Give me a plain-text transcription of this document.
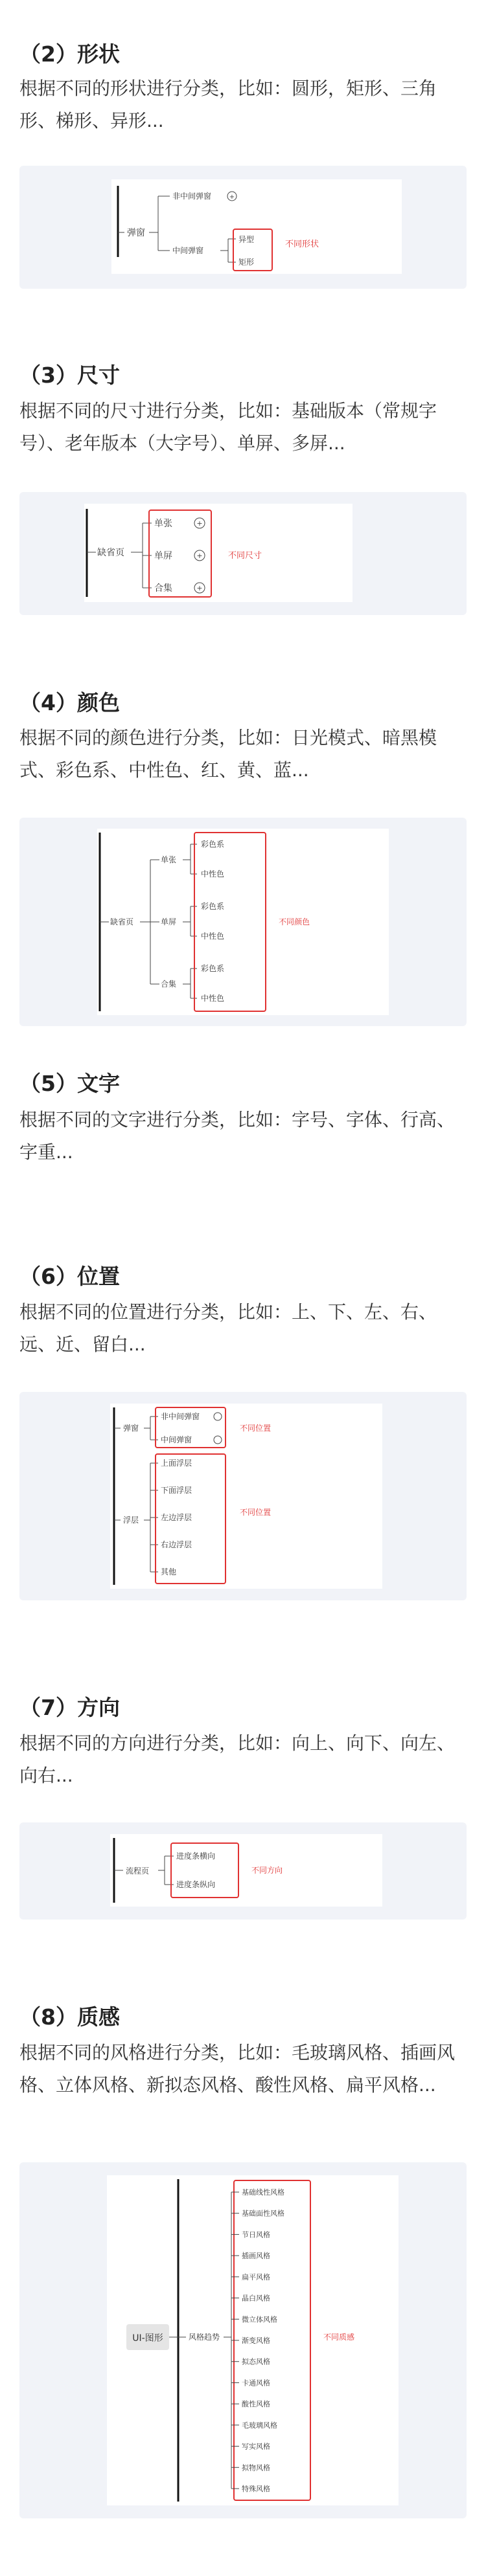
（2）形状

根据不同的形状进行分类，比如：圆形，矩形、三角形、梯形、异形...

弹窗
非中间弹窗	+
中间弹窗
异型
矩形
不同形状
（3）尺寸

根据不同的尺寸进行分类，比如：基础版本（常规字号）、老年版本（大字号）、单屏、多屏...

缺省页
单张
单屏
合集
+
+
+
不同尺寸
（4）颜色

根据不同的颜色进行分类，比如：日光模式、暗黑模式、彩色系、中性色、红、黄、蓝...

缺省页
单张
单屏
合集
彩色系
中性色
彩色系
中性色
彩色系
中性色
不同颜色
（5）文字

根据不同的文字进行分类，比如：字号、字体、行高、字重...

（6）位置

根据不同的位置进行分类，比如：上、下、左、右、远、近、留白...

弹窗
浮层
非中间弹窗
中间弹窗
上面浮层
下面浮层
左边浮层
右边浮层
其他
不同位置
不同位置
（7）方向

根据不同的方向进行分类，比如：向上、向下、向左、向右...

流程页
进度条横向
进度条纵向
不同方向
（8）质感

根据不同的风格进行分类，比如：毛玻璃风格、插画风格、立体风格、新拟态风格、酸性风格、扁平风格...

UI-图形	风格趋势
基础线性风格
基础面性风格
节日风格
插画风格
扁平风格
晶白风格
微立体风格
渐变风格
拟态风格
卡通风格
酸性风格
毛玻璃风格
写实风格
拟物风格
特殊风格
不同质感
